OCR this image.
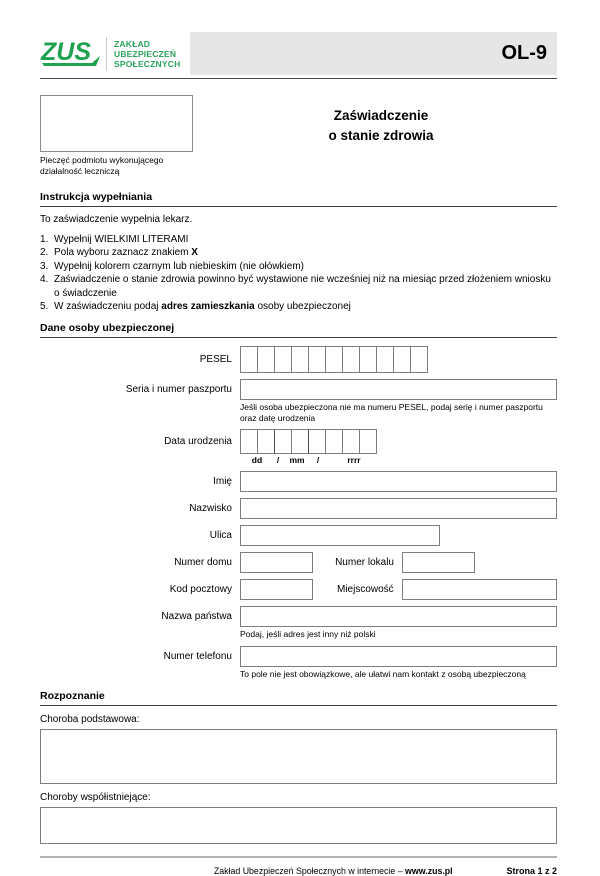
ZUS	ZAKŁAD
UBEZPIECZEŃ
SPOŁECZNYCH	OL-9
Pieczęć podmiotu wykonującego działalność leczniczą
Zaświadczenie
o stanie zdrowia
Instrukcja wypełniania
To zaświadczenie wypełnia lekarz.
1. Wypełnij WIELKIMI LITERAMI
2. Pola wyboru zaznacz znakiem X
3. Wypełnij kolorem czarnym lub niebieskim (nie ołówkiem)
4. Zaświadczenie o stanie zdrowia powinno być wystawione nie wcześniej niż na miesiąc przed złożeniem wniosku o świadczenie
5. W zaświadczeniu podaj adres zamieszkania osoby ubezpieczonej
Dane osoby ubezpieczonej
PESEL
Seria i numer paszportu
Jeśli osoba ubezpieczona nie ma numeru PESEL, podaj serię i numer paszportu oraz datę urodzenia
Data urodzenia
dd	/	mm	/	rrrr
Imię
Nazwisko
Ulica
Numer domu	Numer lokalu
Kod pocztowy	Miejscowość
Nazwa państwa
Podaj, jeśli adres jest inny niż polski
Numer telefonu
To pole nie jest obowiązkowe, ale ułatwi nam kontakt z osobą ubezpieczoną
Rozpoznanie
Choroba podstawowa:
Choroby współistniejące:
Zakład Ubezpieczeń Społecznych w internecie – www.zus.pl	Strona 1 z 2
